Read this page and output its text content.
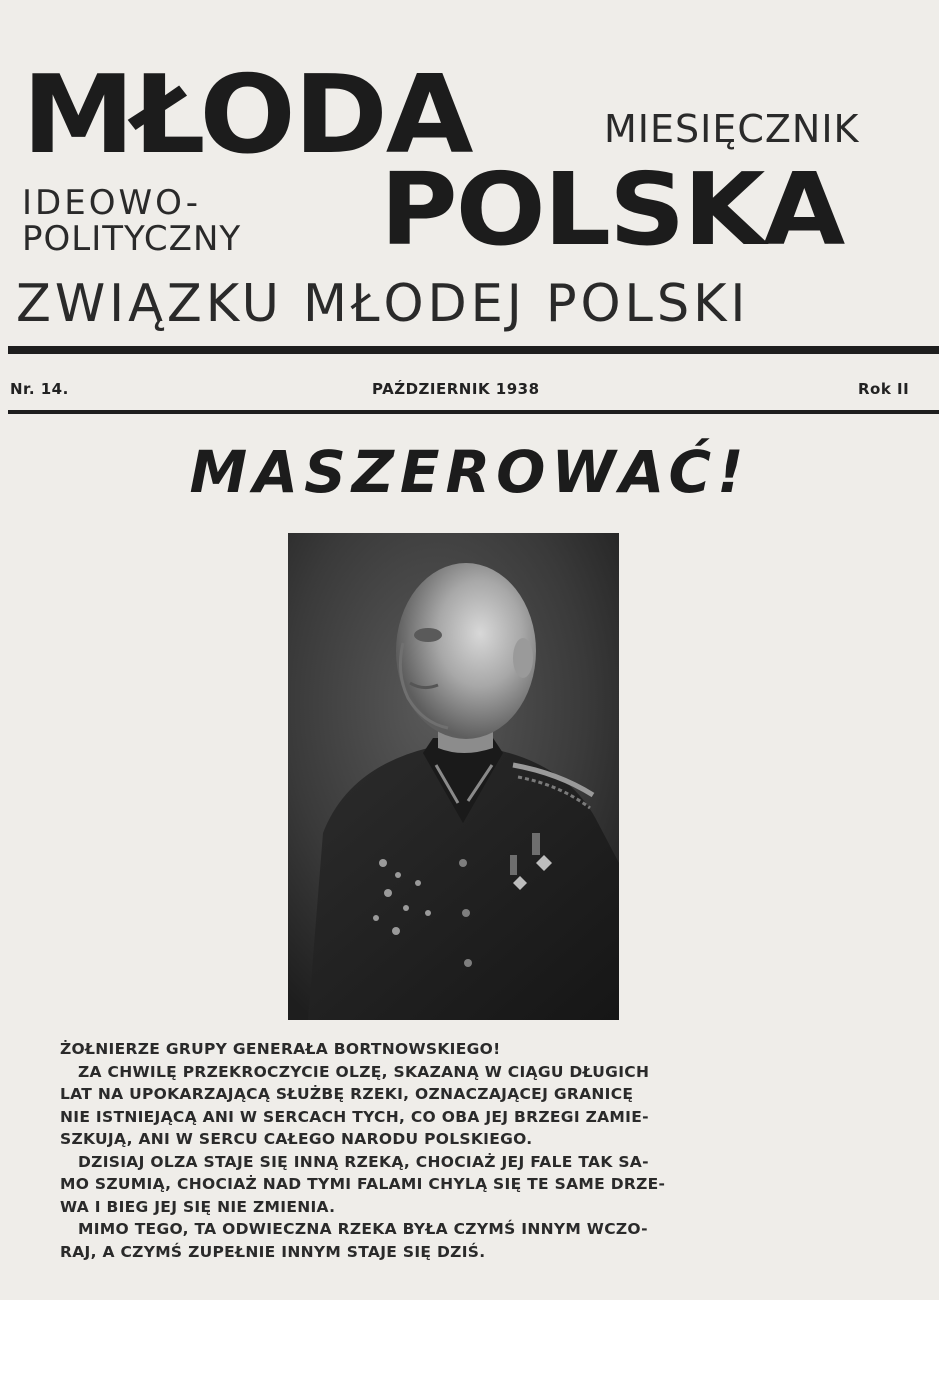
MŁODA	MIESIĘCZNIK
IDEOWO-
POLITYCZNY POLSKA
ZWIĄZKU MŁODEJ POLSKI
Nr. 14.	PAŹDZIERNIK 1938	Rok II
MASZEROWAĆ!

ŻOŁNIERZE GRUPY GENERAŁA BORTNOWSKIEGO!

ZA CHWILĘ PRZEKROCZYCIE OLZĘ, SKAZANĄ W CIĄGU DŁUGICH

LAT NA UPOKARZAJĄCĄ SŁUŻBĘ RZEKI, OZNACZAJĄCEJ GRANICĘ

NIE ISTNIEJĄCĄ ANI W SERCACH TYCH, CO OBA JEJ BRZEGI ZAMIE-

SZKUJĄ, ANI W SERCU CAŁEGO NARODU POLSKIEGO.

DZISIAJ OLZA STAJE SIĘ INNĄ RZEKĄ, CHOCIAŻ JEJ FALE TAK SA-

MO SZUMIĄ, CHOCIAŻ NAD TYMI FALAMI CHYLĄ SIĘ TE SAME DRZE-

WA I BIEG JEJ SIĘ NIE ZMIENIA.

MIMO TEGO, TA ODWIECZNA RZEKA BYŁA CZYMŚ INNYM WCZO-

RAJ, A CZYMŚ ZUPEŁNIE INNYM STAJE SIĘ DZIŚ.
